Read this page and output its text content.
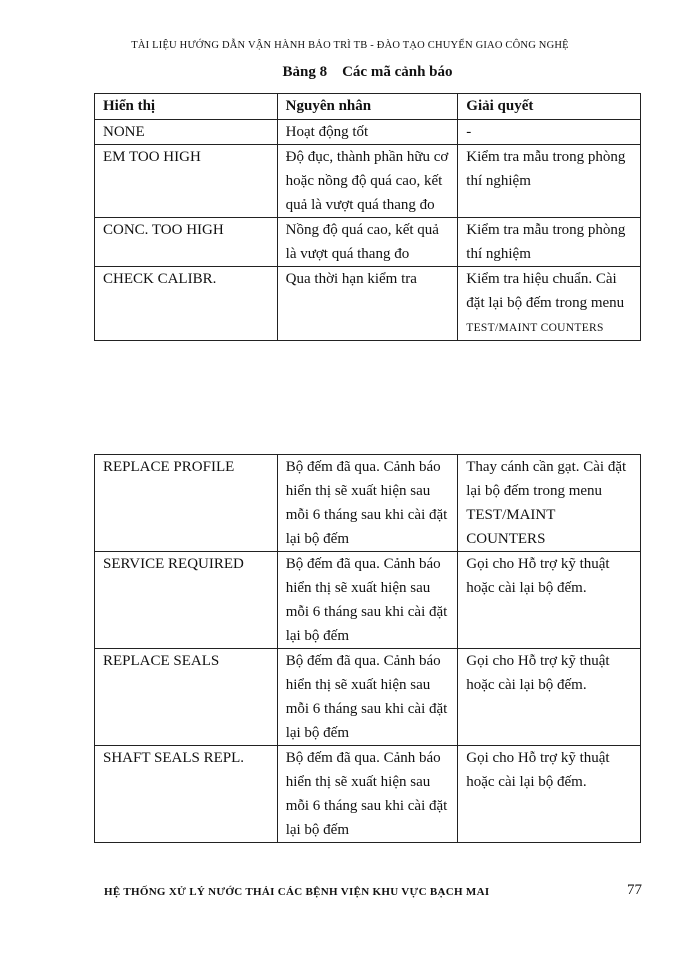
TÀI LIỆU HƯỚNG DẪN VẬN HÀNH BẢO TRÌ TB - ĐÀO TẠO CHUYỂN GIAO CÔNG NGHỆ
Bảng 8    Các mã cảnh báo
Hiển thị	Nguyên nhân	Giải quyết
NONE	Hoạt động tốt	-
EM TOO HIGH	Độ đục, thành phần hữu cơ hoặc nồng độ quá cao, kết quả là vượt quá thang đo	Kiểm tra mẫu trong phòng thí nghiệm
CONC. TOO HIGH	Nồng độ quá cao, kết quả là vượt quá thang đo	Kiểm tra mẫu trong phòng thí nghiệm
CHECK CALIBR.	Qua thời hạn kiểm tra	Kiểm tra hiệu chuẩn. Cài đặt lại bộ đếm trong menu
TEST/MAINT COUNTERS
REPLACE PROFILE	Bộ đếm đã qua. Cảnh báo hiển thị sẽ xuất hiện sau mỗi 6 tháng sau khi cài đặt lại bộ đếm	Thay cánh cần gạt. Cài đặt lại bộ đếm trong menu TEST/MAINT COUNTERS
SERVICE REQUIRED	Bộ đếm đã qua. Cảnh báo hiển thị sẽ xuất hiện sau mỗi 6 tháng sau khi cài đặt lại bộ đếm	Gọi cho Hỗ trợ kỹ thuật hoặc cài lại bộ đếm.
REPLACE SEALS	Bộ đếm đã qua. Cảnh báo hiển thị sẽ xuất hiện sau mỗi 6 tháng sau khi cài đặt lại bộ đếm	Gọi cho Hỗ trợ kỹ thuật hoặc cài lại bộ đếm.
SHAFT SEALS REPL.	Bộ đếm đã qua. Cảnh báo hiển thị sẽ xuất hiện sau mỗi 6 tháng sau khi cài đặt lại bộ đếm	Gọi cho Hỗ trợ kỹ thuật hoặc cài lại bộ đếm.
HỆ THỐNG XỬ LÝ NƯỚC THẢI CÁC BỆNH VIỆN KHU VỰC BẠCH MAI	77
